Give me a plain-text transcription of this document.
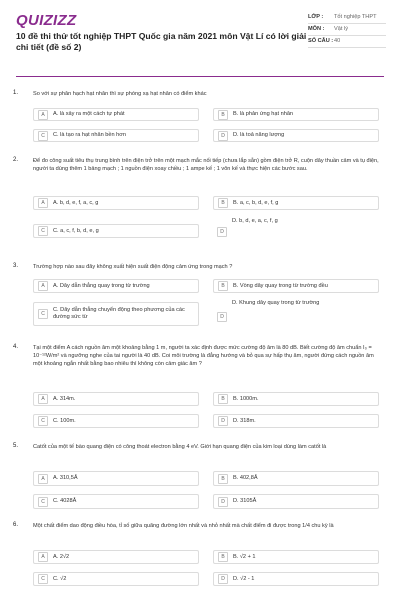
QUIZIZZ
10 đề thi thử tốt nghiệp THPT Quốc gia năm 2021 môn Vật Lí có lời giải chi tiết (đề số 2)
LỚP :	Tốt nghiệp THPT
MÔN :	Vật lý
SỐ CÂU : 40
1.	So với sự phân hạch hạt nhân thì sự phóng xạ hạt nhân có điểm khác
A	A. là xảy ra một cách tự phát	B	B. là phản ứng hạt nhân
C	C. là tạo ra hạt nhân bền hơn	D	D. là toả năng lượng
2.	Để đo công suất tiêu thụ trung bình trên điện trở trên một mạch mắc nối tiếp (chưa lắp sẵn) gồm điện trở R, cuộn dây thuần cảm và tụ điện, người ta dùng thêm 1 bảng mạch ; 1 nguồn điện xoay chiều ; 1 ampe kế ; 1 vôn kế và thực hiện các bước sau.
A	A. b, d, e, f, a, c, g	B	B. a, c, b, d, e, f, g
C	C. a, c, f, b, d, e, g	D
D. b, d, e, a, c, f, g
3.	Trường hợp nào sau đây không xuất hiện suất điện động cảm ứng trong mạch ?
A	A. Dây dẫn thẳng quay trong từ trường	B	B. Vòng dây quay trong từ trường đều
C
C. Dây dẫn thẳng chuyển động theo phương của các đường sức từ	D
D. Khung dây quay trong từ trường
4.	Tại một điểm A cách nguồn âm một khoảng bằng 1 m, người ta xác định được mức cường độ âm là 80 dB. Biết cường độ âm chuẩn I₀ = 10⁻¹²W/m² và ngưỡng nghe của tai người là 40 dB. Coi môi trường là đẳng hướng và bỏ qua sự hấp thụ âm, người đứng cách nguồn âm một khoảng ngắn nhất bằng bao nhiêu thì không còn cảm giác âm ?
A	A. 314m.	B	B. 1000m.
C	C. 100m.	D	D. 318m.
5.	Catốt của một tế bào quang điện có công thoát electron bằng 4 eV. Giới hạn quang điện của kim loại dùng làm catốt là
A	A. 310,5Å	B	B. 402,8Å
C	C. 4028Å	D	D. 3105Å
6.	Một chất điểm dao động điều hòa, tỉ số giữa quãng đường lớn nhất và nhỏ nhất mà chất điểm đi được trong 1/4 chu kỳ là
A	A. 2√2	B	B. √2 + 1
C	C. √2	D	D. √2 - 1
